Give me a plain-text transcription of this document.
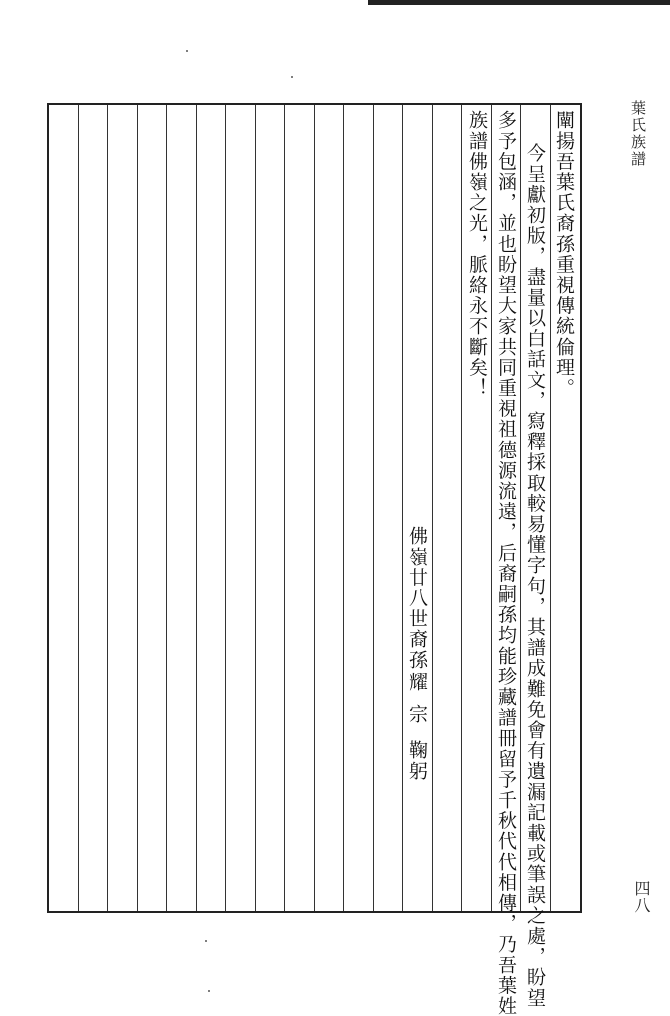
葉氏族譜
闡揚吾葉氏裔孫重視傳統倫理。
今呈獻初版，盡量以白話文，寫釋採取較易懂字句，其譜成難免會有遺漏記載或筆誤之處，盼望
多予包涵，並也盼望大家共同重視祖德源流遠，后裔嗣孫均能珍藏譜冊留予千秋代代相傳，乃吾葉姓
族譜佛嶺之光，脈絡永不斷矣！
佛嶺廿八世裔孫
耀
宗
鞠躬
四八
